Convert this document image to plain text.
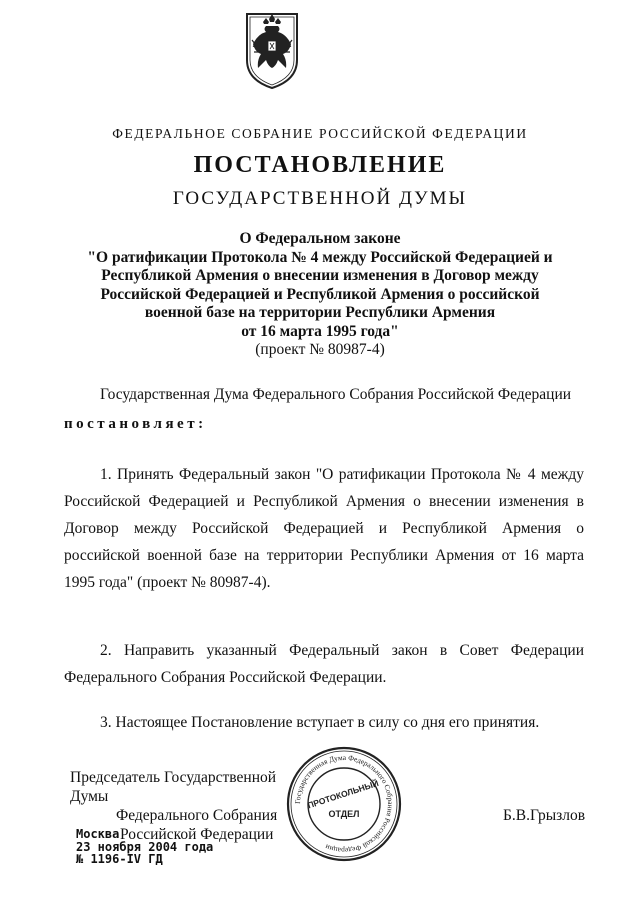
ФЕДЕРАЛЬНОЕ СОБРАНИЕ РОССИЙСКОЙ ФЕДЕРАЦИИ
ПОСТАНОВЛЕНИЕ
ГОСУДАРСТВЕННОЙ ДУМЫ
О Федеральном законе
"О ратификации Протокола № 4 между Российской Федерацией и
Республикой Армения о внесении изменения в Договор между
Российской Федерацией и Республикой Армения о российской
военной базе на территории Республики Армения
от 16 марта 1995 года"
(проект № 80987-4)
Государственная Дума Федерального Собрания Российской Федерации
постановляет:
1. Принять Федеральный закон "О ратификации Протокола № 4 между Российской Федерацией и Республикой Армения о внесении изменения в Договор между Российской Федерацией и Республикой Армения о российской военной базе на территории Республики Армения от 16 марта 1995 года" (проект № 80987-4).
2. Направить указанный Федеральный закон в Совет Федерации Федерального Собрания Российской Федерации.
3. Настоящее Постановление вступает в силу со дня его принятия.
Председатель Государственной Думы
Федерального Собрания
Российской Федерации
Государственная Дума Федерального Собрания Российской Федерации
ПРОТОКОЛЬНЫЙ
ОТДЕЛ	Б.В.Грызлов
Москва
23 ноября 2004 года
№ 1196-IV ГД
